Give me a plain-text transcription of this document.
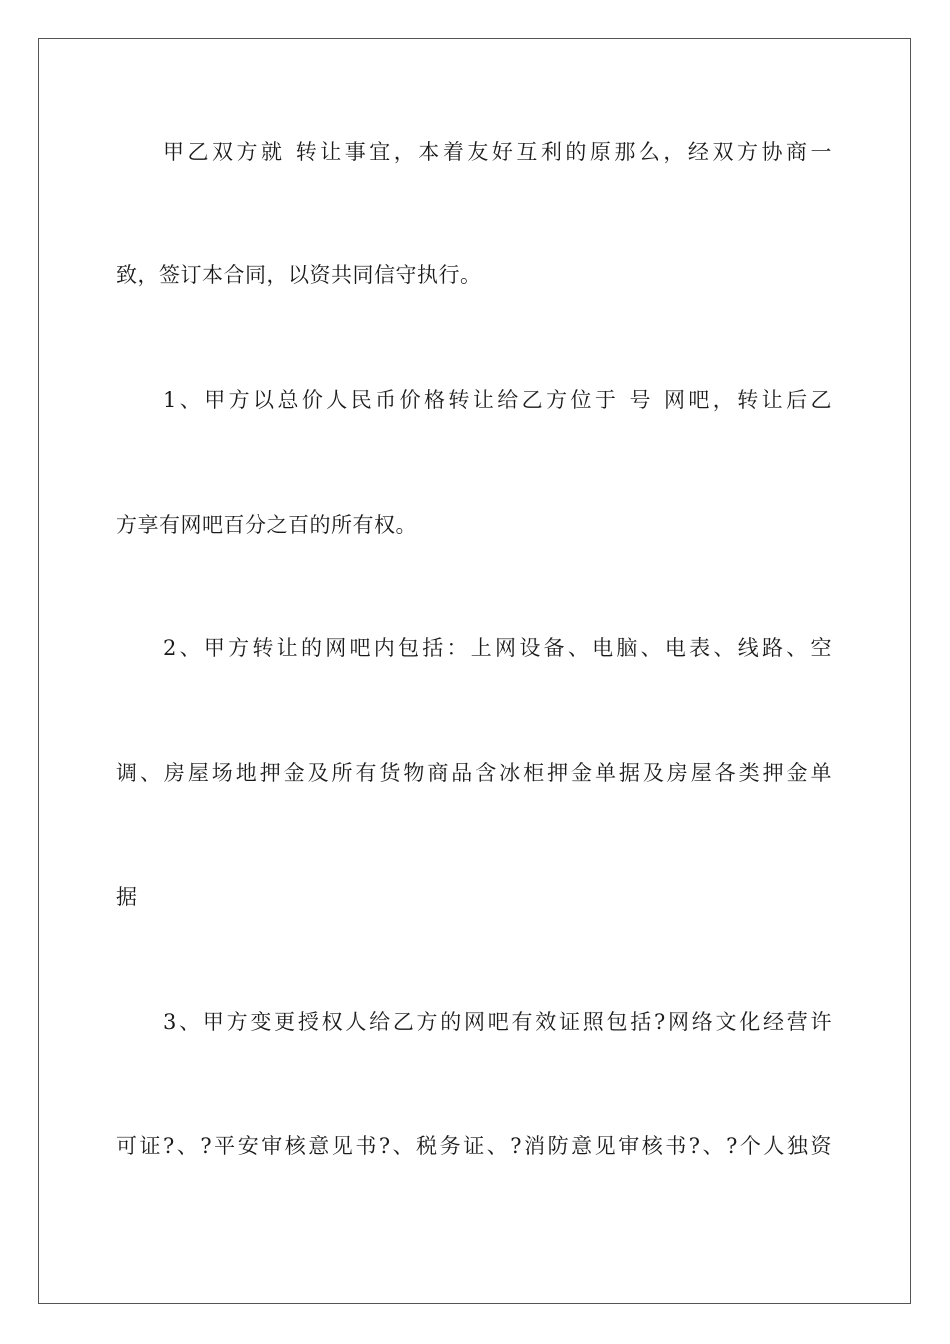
甲乙双方就 转让事宜，本着友好互利的原那么，经双方协商一
致，签订本合同，以资共同信守执行。
1、甲方以总价人民币价格转让给乙方位于 号 网吧，转让后乙
方享有网吧百分之百的所有权。
2、甲方转让的网吧内包括：上网设备、电脑、电表、线路、空
调、房屋场地押金及所有货物商品含冰柜押金单据及房屋各类押金单
据
3、甲方变更授权人给乙方的网吧有效证照包括?网络文化经营许
可证?、?平安审核意见书?、税务证、?消防意见审核书?、?个人独资
